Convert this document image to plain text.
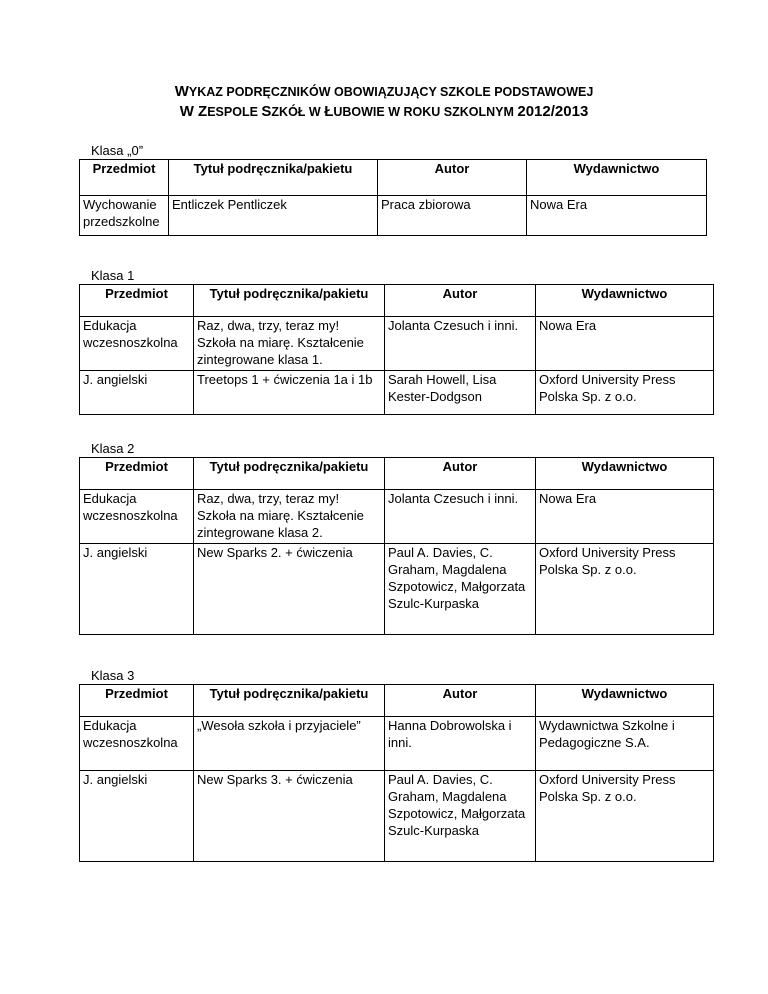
WYKAZ PODRĘCZNIKÓW OBOWIĄZUJĄCY SZKOLE PODSTAWOWEJ
W ZESPOLE SZKÓŁ W ŁUBOWIE W ROKU SZKOLNYM 2012/2013
Klasa „0”
Przedmiot	Tytuł podręcznika/pakietu	Autor	Wydawnictwo
Wychowanie przedszkolne	Entliczek Pentliczek	Praca zbiorowa	Nowa Era
Klasa 1
Przedmiot	Tytuł podręcznika/pakietu	Autor	Wydawnictwo
Edukacja wczesnoszkolna	Raz, dwa, trzy, teraz my! Szkoła na miarę. Kształcenie zintegrowane klasa 1.	Jolanta Czesuch i inni.	Nowa Era
J. angielski	Treetops 1 + ćwiczenia 1a i 1b	Sarah Howell, Lisa Kester-Dodgson	Oxford University Press Polska Sp. z o.o.
Klasa 2
Przedmiot	Tytuł podręcznika/pakietu	Autor	Wydawnictwo
Edukacja wczesnoszkolna	Raz, dwa, trzy, teraz my! Szkoła na miarę. Kształcenie zintegrowane klasa 2.	Jolanta Czesuch i inni.	Nowa Era
J. angielski	New Sparks 2. + ćwiczenia	Paul A. Davies, C. Graham, Magdalena Szpotowicz, Małgorzata Szulc-Kurpaska	Oxford University Press Polska Sp. z o.o.
Klasa 3
Przedmiot	Tytuł podręcznika/pakietu	Autor	Wydawnictwo
Edukacja wczesnoszkolna	„Wesoła szkoła i przyjaciele”	Hanna Dobrowolska i inni.	Wydawnictwa Szkolne i Pedagogiczne S.A.
J. angielski	New Sparks 3. + ćwiczenia	Paul A. Davies, C. Graham, Magdalena Szpotowicz, Małgorzata Szulc-Kurpaska	Oxford University Press Polska Sp. z o.o.
